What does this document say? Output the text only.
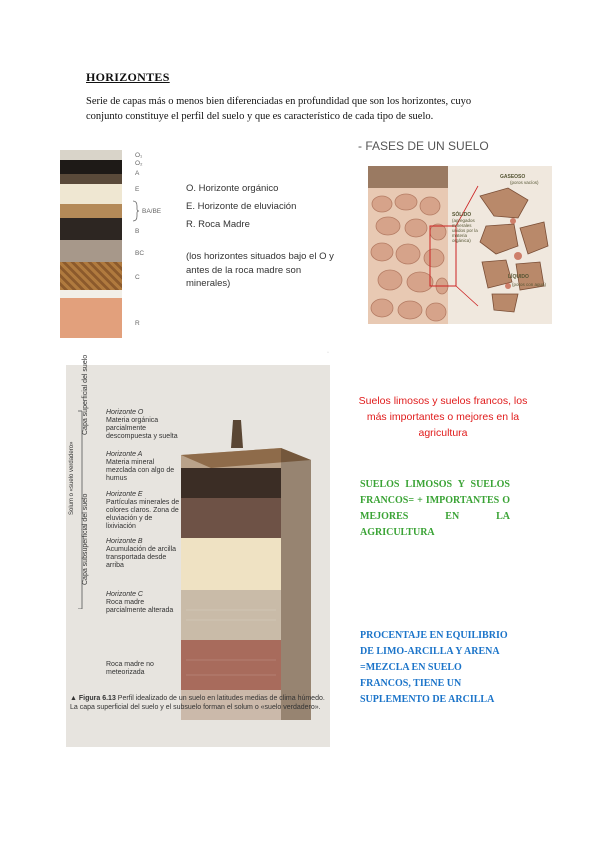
HORIZONTES
Serie de capas más o menos bien diferenciadas en profundidad que son los horizontes, cuyo conjunto constituye el perfil del suelo y que es característico de cada tipo de suelo.
O₁
O₂
A
E
BA/BE
B
BC
C
R
O. Horizonte orgánico
E. Horizonte de eluviación
R. Roca Madre
(los horizontes situados bajo el O y antes de la roca madre son minerales)
- FASES DE UN SUELO
GASEOSO
(poros vacíos)
SÓLIDO
(agregados minerales unidos por la materia orgánica)
LÍQUIDO
(poros con agua)
·
Capa superficial del suelo
Solum o «suelo verdadero»
Capa subsuperficial del suelo
Horizonte O
Materia orgánica parcialmente descompuesta y suelta
Horizonte A
Materia mineral mezclada con algo de humus
Horizonte E
Partículas minerales de colores claros. Zona de eluviación y de lixiviación
Horizonte B
Acumulación de arcilla transportada desde arriba
Horizonte C
Roca madre parcialmente alterada
Roca madre no meteorizada
▲ Figura 6.13 Perfil idealizado de un suelo en latitudes medias de clima húmedo. La capa superficial del suelo y el subsuelo forman el solum o «suelo verdadero».
Suelos limosos y suelos francos, los más importantes o mejores en la agricultura
SUELOS LIMOSOS Y SUELOS FRANCOS= + IMPORTANTES O MEJORES EN LA AGRICULTURA
PROCENTAJE EN EQUILIBRIO DE LIMO-ARCILLA Y ARENA =MEZCLA EN SUELO FRANCOS, TIENE UN SUPLEMENTO DE ARCILLA
